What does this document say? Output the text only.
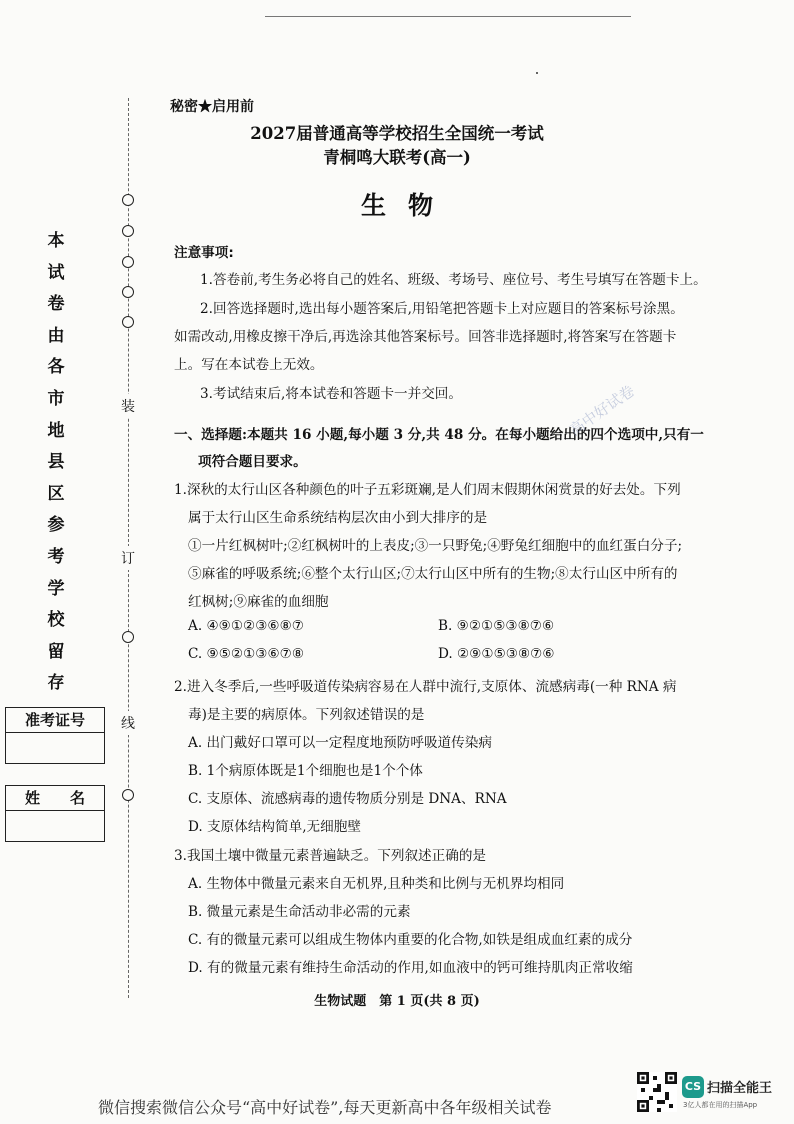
装
订
线
本
试
卷
由
各
市
地
县
区
参
考
学
校
留
存
准考证号
姓　　名
秘密★启用前
2027届普通高等学校招生全国统一考试
青桐鸣大联考(高一)
生物
注意事项:
1.答卷前,考生务必将自己的姓名、班级、考场号、座位号、考生号填写在答题卡上。
2.回答选择题时,选出每小题答案后,用铅笔把答题卡上对应题目的答案标号涂黑。
如需改动,用橡皮擦干净后,再选涂其他答案标号。回答非选择题时,将答案写在答题卡
上。写在本试卷上无效。
3.考试结束后,将本试卷和答题卡一并交回。
一、选择题:本题共 16 小题,每小题 3 分,共 48 分。在每小题给出的四个选项中,只有一
项符合题目要求。
1.深秋的太行山区各种颜色的叶子五彩斑斓,是人们周末假期休闲赏景的好去处。下列
属于太行山区生命系统结构层次由小到大排序的是
①一片红枫树叶;②红枫树叶的上表皮;③一只野兔;④野兔红细胞中的血红蛋白分子;
⑤麻雀的呼吸系统;⑥整个太行山区;⑦太行山区中所有的生物;⑧太行山区中所有的
红枫树;⑨麻雀的血细胞
A. ④⑨①②③⑥⑧⑦	B. ⑨②①⑤③⑧⑦⑥
C. ⑨⑤②①③⑥⑦⑧	D. ②⑨①⑤③⑧⑦⑥
2.进入冬季后,一些呼吸道传染病容易在人群中流行,支原体、流感病毒(一种 RNA 病
毒)是主要的病原体。下列叙述错误的是
A. 出门戴好口罩可以一定程度地预防呼吸道传染病
B. 1个病原体既是1个细胞也是1个个体
C. 支原体、流感病毒的遗传物质分别是 DNA、RNA
D. 支原体结构简单,无细胞壁
3.我国土壤中微量元素普遍缺乏。下列叙述正确的是
A. 生物体中微量元素来自无机界,且种类和比例与无机界均相同
B. 微量元素是生命活动非必需的元素
C. 有的微量元素可以组成生物体内重要的化合物,如铁是组成血红素的成分
D. 有的微量元素有维持生命活动的作用,如血液中的钙可维持肌肉正常收缩
高中好试卷
生物试题　第 1 页(共 8 页)
微信搜索微信公众号“高中好试卷”,每天更新高中各年级相关试卷
CS 扫描全能王
3亿人都在用的扫描App
